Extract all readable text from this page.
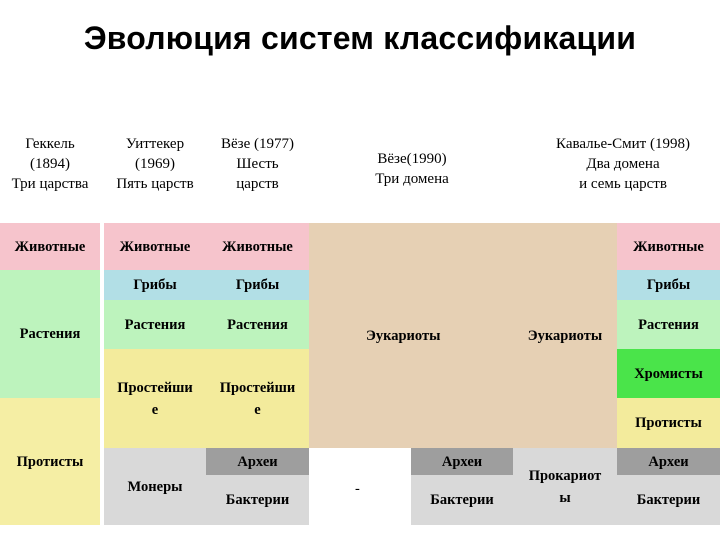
Эволюция систем классификации
Геккель
(1894)
Три царства
Уиттекер
(1969)
Пять царств
Вёзе (1977)
Шесть
царств
Вёзе(1990)
Три домена
Кавалье-Смит (1998)
Два домена
и семь царств
Животные
Растения
Протисты
Животные
Грибы
Растения
Простейши
е
Монеры
Животные
Грибы
Растения
Простейши
е
Археи
Бактерии
Эукариоты
-
Археи
Бактерии
Эукариоты
Прокариот
ы
Животные
Грибы
Растения
Хромисты
Протисты
Археи
Бактерии
